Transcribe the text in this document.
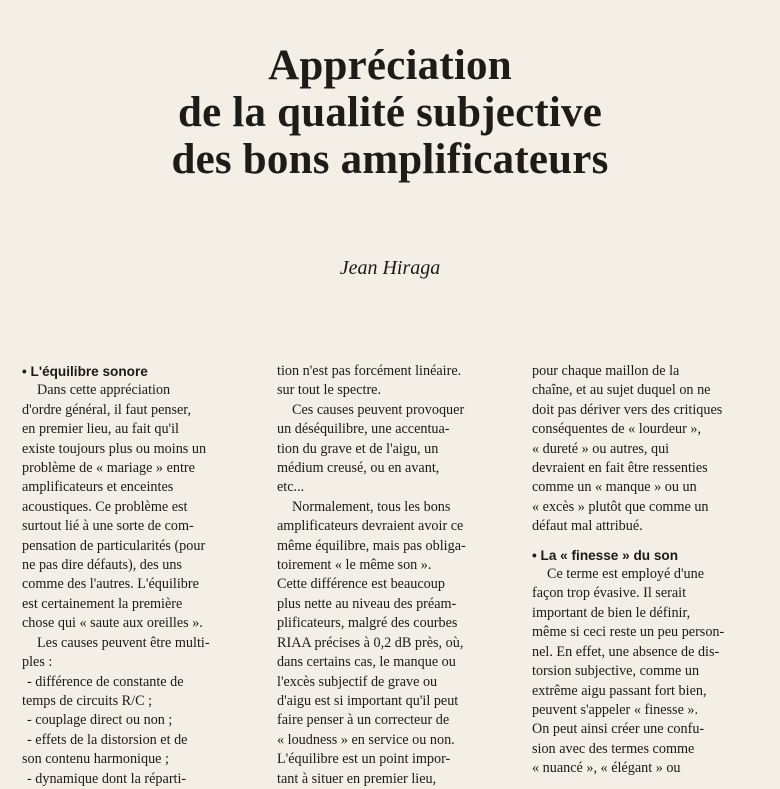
Appréciation
de la qualité subjective
des bons amplificateurs
Jean Hiraga

• L'équilibre sonore

Dans cette appréciation

d'ordre général, il faut penser,

en premier lieu, au fait qu'il

existe toujours plus ou moins un

problème de « mariage » entre

amplificateurs et enceintes

acoustiques. Ce problème est

surtout lié à une sorte de com-

pensation de particularités (pour

ne pas dire défauts), des uns

comme des l'autres. L'équilibre

est certainement la première

chose qui « saute aux oreilles ».

Les causes peuvent être multi-

ples :

- différence de constante de

temps de circuits R/C ;

- couplage direct ou non ;

- effets de la distorsion et de

son contenu harmonique ;

- dynamique dont la réparti-

tion n'est pas forcément linéaire.

sur tout le spectre.

Ces causes peuvent provoquer

un déséquilibre, une accentua-

tion du grave et de l'aigu, un

médium creusé, ou en avant,

etc...

Normalement, tous les bons

amplificateurs devraient avoir ce

même équilibre, mais pas obliga-

toirement « le même son ».

Cette différence est beaucoup

plus nette au niveau des préam-

plificateurs, malgré des courbes

RIAA précises à 0,2 dB près, où,

dans certains cas, le manque ou

l'excès subjectif de grave ou

d'aigu est si important qu'il peut

faire penser à un correcteur de

« loudness » en service ou non.

L'équilibre est un point impor-

tant à situer en premier lieu,

pour chaque maillon de la

chaîne, et au sujet duquel on ne

doit pas dériver vers des critiques

conséquentes de « lourdeur »,

« dureté » ou autres, qui

devraient en fait être ressenties

comme un « manque » ou un

« excès » plutôt que comme un

défaut mal attribué.

• La « finesse » du son

Ce terme est employé d'une

façon trop évasive. Il serait

important de bien le définir,

même si ceci reste un peu person-

nel. En effet, une absence de dis-

torsion subjective, comme un

extrême aigu passant fort bien,

peuvent s'appeler « finesse ».

On peut ainsi créer une confu-

sion avec des termes comme

« nuancé », « élégant » ou
